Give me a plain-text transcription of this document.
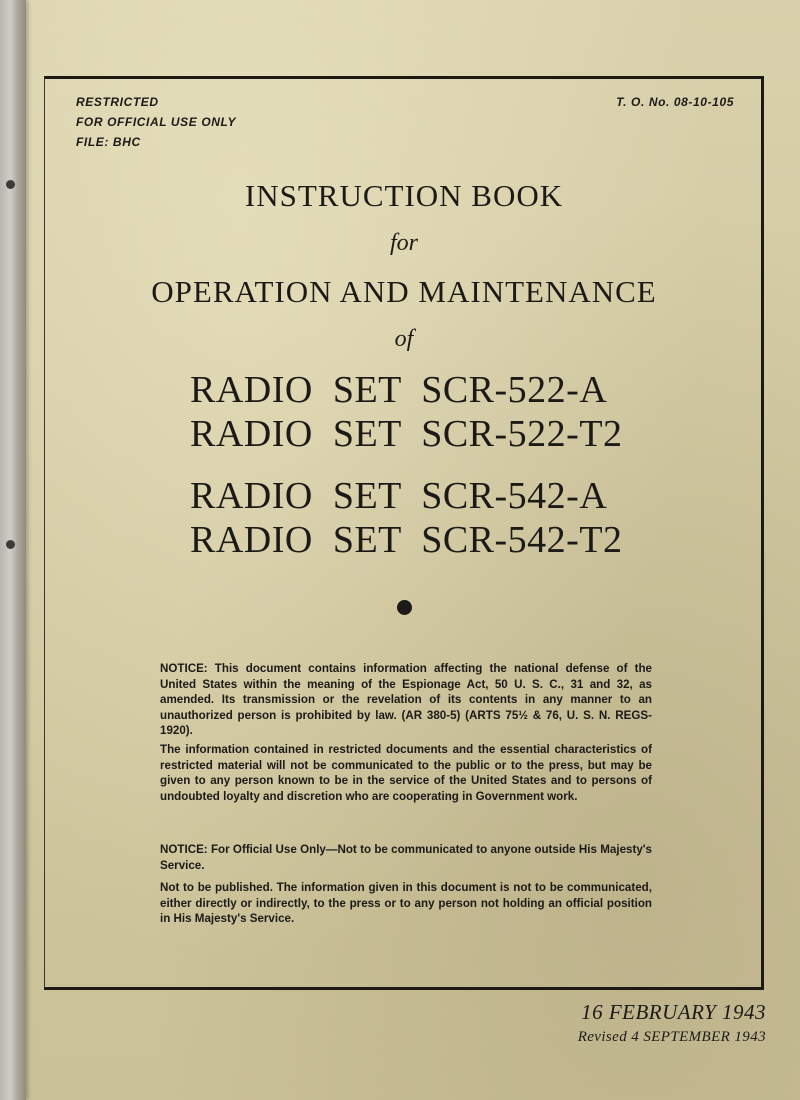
RESTRICTED
FOR OFFICIAL USE ONLY
FILE: BHC
T. O. No. 08-10-105
INSTRUCTION BOOK
for
OPERATION AND MAINTENANCE
of
RADIO SET SCR-522-A
RADIO SET SCR-522-T2
RADIO SET SCR-542-A
RADIO SET SCR-542-T2

NOTICE: This document contains information affecting the national defense of the United States within the meaning of the Espionage Act, 50 U. S. C., 31 and 32, as amended. Its transmission or the revelation of its contents in any manner to an unauthorized person is prohibited by law. (AR 380-5) (ARTS 75½ & 76, U. S. N. REGS-1920).

The information contained in restricted documents and the essential characteristics of restricted material will not be communicated to the public or to the press, but may be given to any person known to be in the service of the United States and to persons of undoubted loyalty and discretion who are cooperating in Government work.

NOTICE: For Official Use Only—Not to be communicated to anyone outside His Majesty's Service.

Not to be published. The information given in this document is not to be communicated, either directly or indirectly, to the press or to any person not holding an official position in His Majesty's Service.

16 FEBRUARY 1943
Revised 4 SEPTEMBER 1943
